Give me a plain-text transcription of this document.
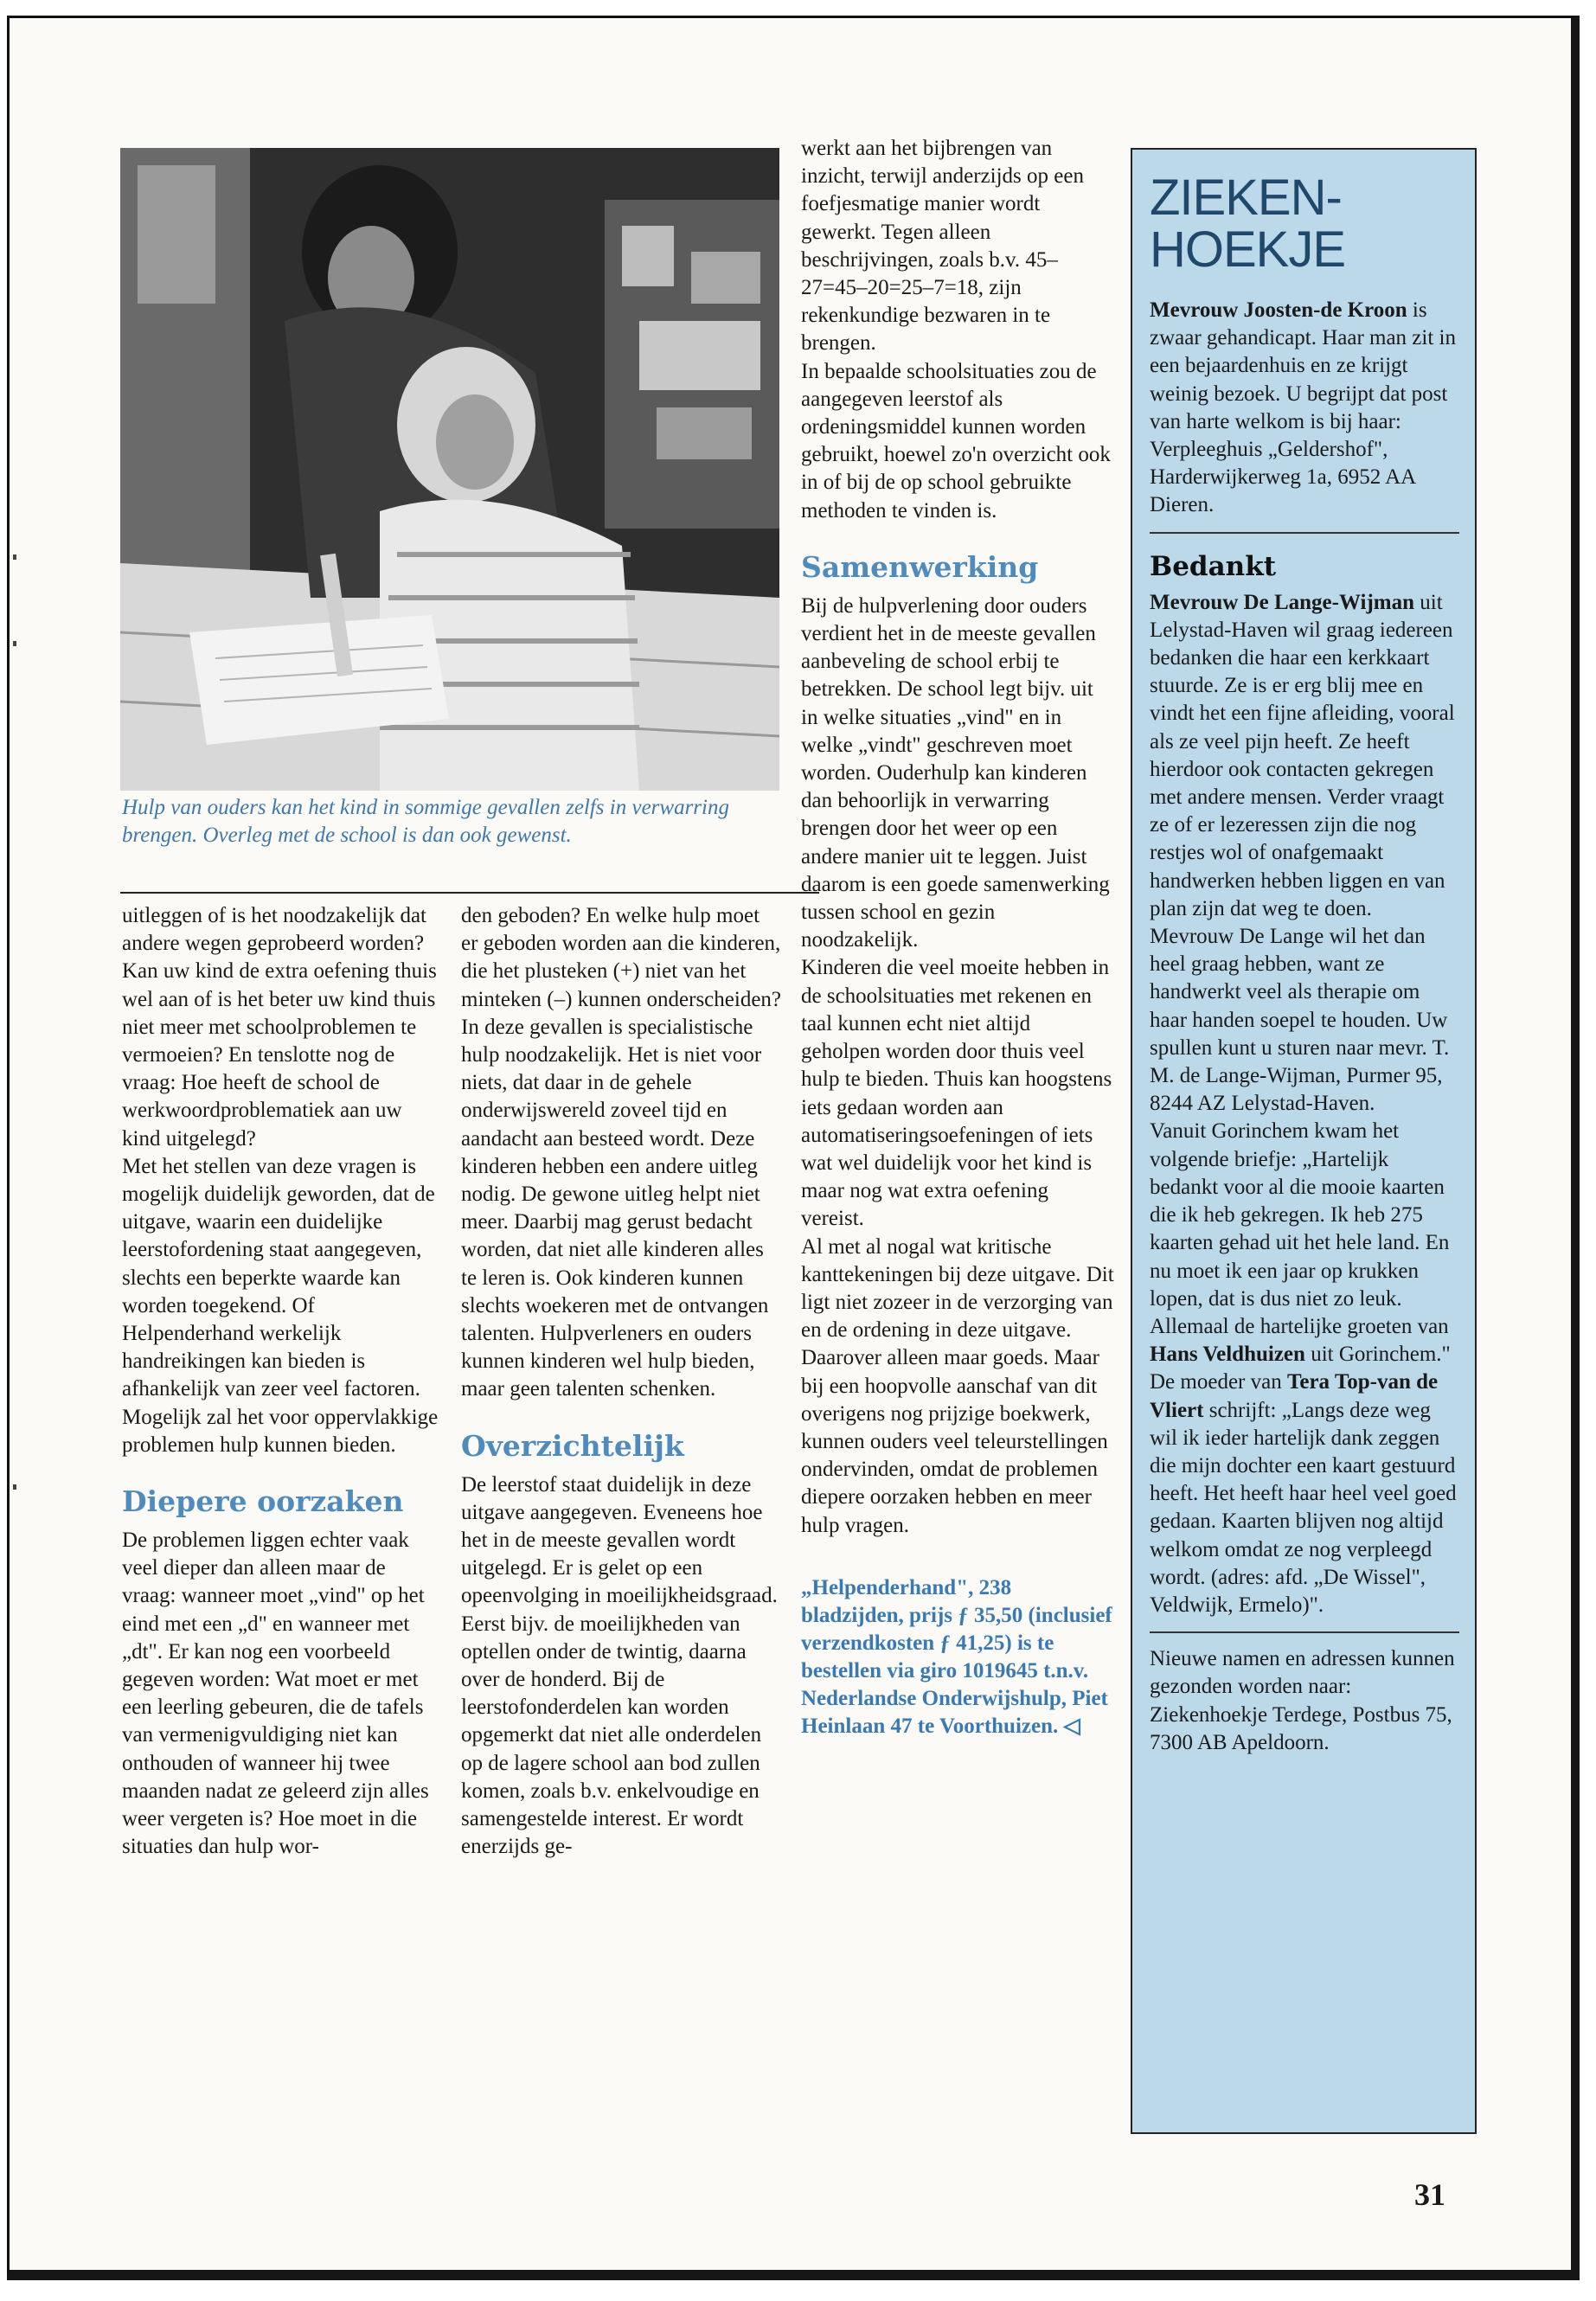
Hulp van ouders kan het kind in sommige gevallen zelfs in verwarring brengen. Overleg met de school is dan ook gewenst.

uitleggen of is het noodzakelijk dat andere wegen geprobeerd worden? Kan uw kind de extra oefening thuis wel aan of is het beter uw kind thuis niet meer met schoolproblemen te vermoeien? En tenslotte nog de vraag: Hoe heeft de school de werkwoordproblematiek aan uw kind uitgelegd?

Met het stellen van deze vragen is mogelijk duidelijk geworden, dat de uitgave, waarin een duidelijke leerstofordening staat aangegeven, slechts een beperkte waarde kan worden toegekend. Of Helpenderhand werkelijk handreikingen kan bieden is afhankelijk van zeer veel factoren. Mogelijk zal het voor oppervlakkige problemen hulp kunnen bieden.

Diepere oorzaken

De problemen liggen echter vaak veel dieper dan alleen maar de vraag: wanneer moet „vind" op het eind met een „d" en wanneer met „dt". Er kan nog een voorbeeld gegeven worden: Wat moet er met een leerling gebeuren, die de tafels van vermenigvuldiging niet kan onthouden of wanneer hij twee maanden nadat ze geleerd zijn alles weer vergeten is? Hoe moet in die situaties dan hulp wor-

den geboden? En welke hulp moet er geboden worden aan die kinderen, die het plusteken (+) niet van het minteken (–) kunnen onderscheiden?

In deze gevallen is specialistische hulp noodzakelijk. Het is niet voor niets, dat daar in de gehele onderwijswereld zoveel tijd en aandacht aan besteed wordt. Deze kinderen hebben een andere uitleg nodig. De gewone uitleg helpt niet meer. Daarbij mag gerust bedacht worden, dat niet alle kinderen alles te leren is. Ook kinderen kunnen slechts woekeren met de ontvangen talenten. Hulpverleners en ouders kunnen kinderen wel hulp bieden, maar geen talenten schenken.

Overzichtelijk

De leerstof staat duidelijk in deze uitgave aangegeven. Eveneens hoe het in de meeste gevallen wordt uitgelegd. Er is gelet op een opeenvolging in moeilijkheidsgraad. Eerst bijv. de moeilijkheden van optellen onder de twintig, daarna over de honderd. Bij de leerstofonderdelen kan worden opgemerkt dat niet alle onderdelen op de lagere school aan bod zullen komen, zoals b.v. enkelvoudige en samengestelde interest. Er wordt enerzijds ge-

werkt aan het bijbrengen van inzicht, terwijl anderzijds op een foefjesmatige manier wordt gewerkt. Tegen alleen beschrijvingen, zoals b.v. 45–27=45–20=25–7=18, zijn rekenkundige bezwaren in te brengen.

In bepaalde schoolsituaties zou de aangegeven leerstof als ordeningsmiddel kunnen worden gebruikt, hoewel zo'n overzicht ook in of bij de op school gebruikte methoden te vinden is.

Samenwerking

Bij de hulpverlening door ouders verdient het in de meeste gevallen aanbeveling de school erbij te betrekken. De school legt bijv. uit in welke situaties „vind" en in welke „vindt" geschreven moet worden. Ouderhulp kan kinderen dan behoorlijk in verwarring brengen door het weer op een andere manier uit te leggen. Juist daarom is een goede samenwerking tussen school en gezin noodzakelijk.

Kinderen die veel moeite hebben in de schoolsituaties met rekenen en taal kunnen echt niet altijd geholpen worden door thuis veel hulp te bieden. Thuis kan hoogstens iets gedaan worden aan automatiseringsoefeningen of iets wat wel duidelijk voor het kind is maar nog wat extra oefening vereist.

Al met al nogal wat kritische kanttekeningen bij deze uitgave. Dit ligt niet zozeer in de verzorging van en de ordening in deze uitgave. Daarover alleen maar goeds. Maar bij een hoopvolle aanschaf van dit overigens nog prijzige boekwerk, kunnen ouders veel teleurstellingen ondervinden, omdat de problemen diepere oorzaken hebben en meer hulp vragen.

„Helpenderhand", 238 bladzijden, prijs ƒ 35,50 (inclusief verzendkosten ƒ 41,25) is te bestellen via giro 1019645 t.n.v. Nederlandse Onderwijshulp, Piet Heinlaan 47 te Voorthuizen. ◁

ZIEKEN-
HOEKJE

Mevrouw Joosten-de Kroon is zwaar gehandicapt. Haar man zit in een bejaardenhuis en ze krijgt weinig bezoek. U begrijpt dat post van harte welkom is bij haar: Verpleeghuis „Geldershof", Harderwijkerweg 1a, 6952 AA Dieren.

Bedankt

Mevrouw De Lange-Wijman uit Lelystad-Haven wil graag iedereen bedanken die haar een kerkkaart stuurde. Ze is er erg blij mee en vindt het een fijne afleiding, vooral als ze veel pijn heeft. Ze heeft hierdoor ook contacten gekregen met andere mensen. Verder vraagt ze of er lezeressen zijn die nog restjes wol of onafgemaakt handwerken hebben liggen en van plan zijn dat weg te doen. Mevrouw De Lange wil het dan heel graag hebben, want ze handwerkt veel als therapie om haar handen soepel te houden. Uw spullen kunt u sturen naar mevr. T. M. de Lange-Wijman, Purmer 95, 8244 AZ Lelystad-Haven.

Vanuit Gorinchem kwam het volgende briefje: „Hartelijk bedankt voor al die mooie kaarten die ik heb gekregen. Ik heb 275 kaarten gehad uit het hele land. En nu moet ik een jaar op krukken lopen, dat is dus niet zo leuk. Allemaal de hartelijke groeten van Hans Veldhuizen uit Gorinchem."

De moeder van Tera Top-van de Vliert schrijft: „Langs deze weg wil ik ieder hartelijk dank zeggen die mijn dochter een kaart gestuurd heeft. Het heeft haar heel veel goed gedaan. Kaarten blijven nog altijd welkom omdat ze nog verpleegd wordt. (adres: afd. „De Wissel", Veldwijk, Ermelo)".

Nieuwe namen en adressen kunnen gezonden worden naar: Ziekenhoekje Terdege, Postbus 75, 7300 AB Apeldoorn.

31
